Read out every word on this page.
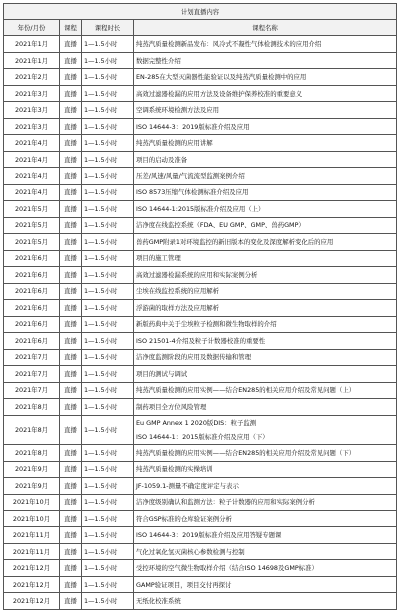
计划直播内容			
年份/月份	课程	课程时长	课程名称
2021年1月	直播	1—1.5小时	纯蒸汽质量检测新品发布：风冷式不凝性气体检测技术的应用介绍
2021年1月	直播	1—1.5小时	数据完整性介绍
2021年2月	直播	1—1.5小时	EN-285在大型灭菌器性能验证以及纯蒸汽质量检测中的应用
2021年3月	直播	1—1.5小时	高效过滤器检漏的应用方法及设备维护保养校准的重要意义
2021年3月	直播	1—1.5小时	空调系统环境检测方法及应用
2021年3月	直播	1—1.5小时	ISO 14644-3：2019版标准介绍及应用
2021年4月	直播	1—1.5小时	纯蒸汽质量检测的应用讲解
2021年4月	直播	1—1.5小时	项目的启动及准备
2021年4月	直播	1—1.5小时	压差/风速/风量/气流流型监测案例介绍
2021年4月	直播	1—1.5小时	ISO 8573压缩气体检测标准介绍及应用
2021年5月	直播	1—1.5小时	ISO 14644-1:2015版标准介绍及应用（上）
2021年5月	直播	1—1.5小时	洁净度在线监控系统（FDA、EU GMP、GMP、兽药GMP）
2021年5月	直播	1—1.5小时	兽药GMP附录1对环境监控的新旧版本的变化及深度解析变化后的应用
2021年6月	直播	1—1.5小时	项目的施工管理
2021年6月	直播	1—1.5小时	高效过滤器检漏系统的应用和实际案例分析
2021年6月	直播	1—1.5小时	尘埃在线监控系统的应用解析
2021年6月	直播	1—1.5小时	浮游菌的取样方法及应用解析
2021年6月	直播	1—1.5小时	新版药典中关于尘埃粒子检测和微生物取样的介绍
2021年6月	直播	1—1.5小时	ISO 21501-4介绍及粒子计数器校准的重要性
2021年7月	直播	1—1.5小时	洁净度监测阶段的应用及数据传输和管理
2021年7月	直播	1—1.5小时	项目的测试与调试
2021年7月	直播	1—1.5小时	纯蒸汽质量检测的应用实例——结合EN285的相关应用介绍及常见问题（上）
2021年8月	直播	1—1.5小时	制药项目全方位风险管理
2021年8月	直播	1—1.5小时	Eu GMP Annex 1 2020版DIS：粒子监测
ISO 14644-1：2015版标准介绍及应用（下）
2021年8月	直播	1—1.5小时	纯蒸汽质量检测的应用实例——结合EN285的相关应用介绍及常见问题（下）
2021年9月	直播	1—1.5小时	纯蒸汽质量检测的实操培训
2021年9月	直播	1—1.5小时	JF-1059.1-测量不确定度评定与表示
2021年10月	直播	1—1.5小时	洁净度级别确认和监测方法：粒子计数器的应用和实际案例分析
2021年10月	直播	1—1.5小时	符合GSP标准的仓库验证案例分析
2021年11月	直播	1—1.5小时	ISO 14644-3：2019版标准介绍及应用答疑专题课
2021年11月	直播	1—1.5小时	气化过氧化氢灭菌核心参数检测与控制
2021年12月	直播	1—1.5小时	受控环境的空气微生物取样介绍（结合ISO 14698及GMP标准）
2021年12月	直播	1—1.5小时	GAMP验证项目，项目交付再探讨
2021年12月	直播	1—1.5小时	无纸化校准系统
